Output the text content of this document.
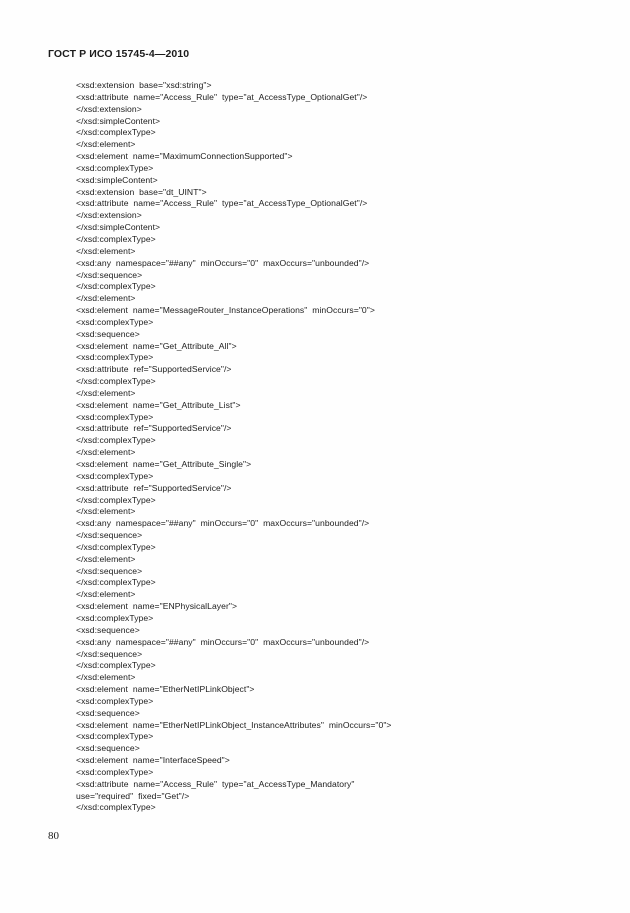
ГОСТ Р ИСО 15745-4—2010
<xsd:extension  base="xsd:string">
<xsd:attribute  name="Access_Rule"  type="at_AccessType_OptionalGet"/>
</xsd:extension>
</xsd:simpleContent>
</xsd:complexType>
</xsd:element>
<xsd:element  name="MaximumConnectionSupported">
<xsd:complexType>
<xsd:simpleContent>
<xsd:extension  base="dt_UINT">
<xsd:attribute  name="Access_Rule"  type="at_AccessType_OptionalGet"/>
</xsd:extension>
</xsd:simpleContent>
</xsd:complexType>
</xsd:element>
<xsd:any  namespace="##any"  minOccurs="0"  maxOccurs="unbounded"/>
</xsd:sequence>
</xsd:complexType>
</xsd:element>
<xsd:element  name="MessageRouter_InstanceOperations"  minOccurs="0">
<xsd:complexType>
<xsd:sequence>
<xsd:element  name="Get_Attribute_All">
<xsd:complexType>
<xsd:attribute  ref="SupportedService"/>
</xsd:complexType>
</xsd:element>
<xsd:element  name="Get_Attribute_List">
<xsd:complexType>
<xsd:attribute  ref="SupportedService"/>
</xsd:complexType>
</xsd:element>
<xsd:element  name="Get_Attribute_Single">
<xsd:complexType>
<xsd:attribute  ref="SupportedService"/>
</xsd:complexType>
</xsd:element>
<xsd:any  namespace="##any"  minOccurs="0"  maxOccurs="unbounded"/>
</xsd:sequence>
</xsd:complexType>
</xsd:element>
</xsd:sequence>
</xsd:complexType>
</xsd:element>
<xsd:element  name="ENPhysicalLayer">
<xsd:complexType>
<xsd:sequence>
<xsd:any  namespace="##any"  minOccurs="0"  maxOccurs="unbounded"/>
</xsd:sequence>
</xsd:complexType>
</xsd:element>
<xsd:element  name="EtherNetIPLinkObject">
<xsd:complexType>
<xsd:sequence>
<xsd:element  name="EtherNetIPLinkObject_InstanceAttributes"  minOccurs="0">
<xsd:complexType>
<xsd:sequence>
<xsd:element  name="InterfaceSpeed">
<xsd:complexType>
<xsd:attribute  name="Access_Rule"  type="at_AccessType_Mandatory"
use="required"  fixed="Get"/>
</xsd:complexType>
80
